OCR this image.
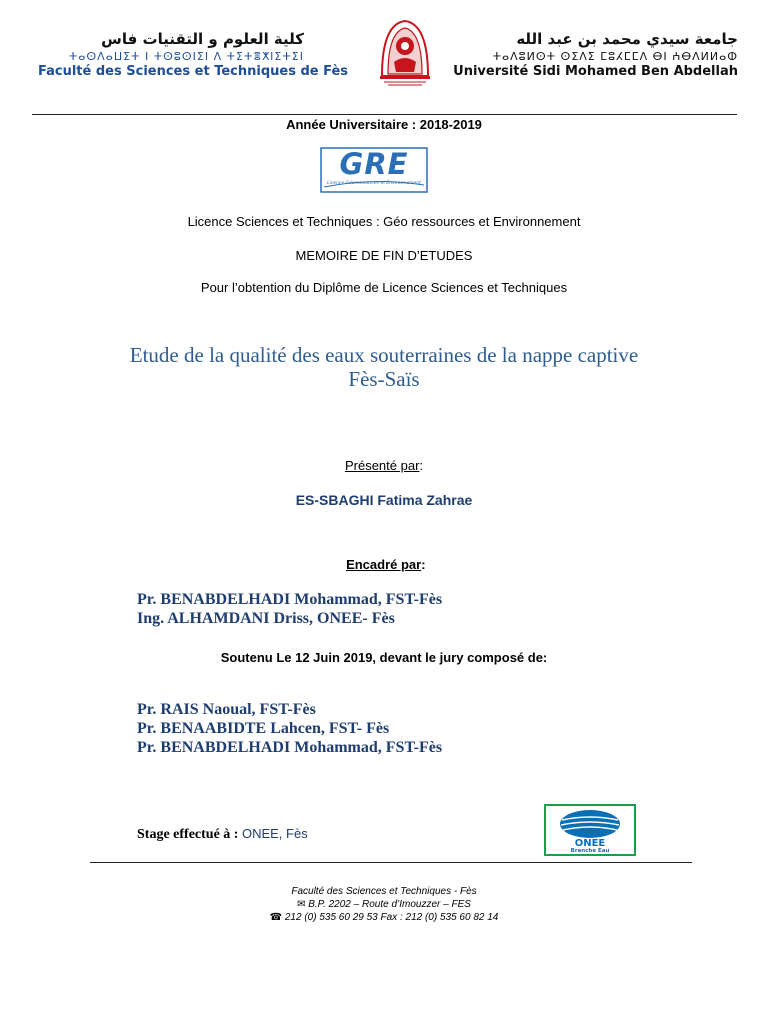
كلية العلوم و التقنيات فاس
ⵜⴰⵙⴷⴰⵡⵉⵜ ⵏ ⵜⵙⵓⵙⵏⵉⵏ ⴷ ⵜⵉⵜⴻⵅⵏⵉⵜⵉⵏ
Faculté des Sciences et Techniques de Fès
جامعة سيدي محمد بن عبد الله
ⵜⴰⴷⵓⵍⵙⵜ ⵙⵉⴷⵉ ⵎⵓⵃⵎⵎⴷ ⴱⵏ ⵄⴱⴷⵍⵍⴰⵀ
Université Sidi Mohamed Ben Abdellah
Année Universitaire : 2018-2019
GRE
Licence Géoressources et Environnement
Licence Sciences et Techniques : Géo ressources et Environnement
MEMOIRE DE FIN D’ETUDES
Pour l’obtention du Diplôme de Licence Sciences et Techniques
Etude de la qualité des eaux souterraines de la nappe captive
Fès-Saïs
Présenté par:
ES-SBAGHI Fatima Zahrae
Encadré par:
Pr. BENABDELHADI Mohammad, FST-Fès
Ing. ALHAMDANI Driss, ONEE- Fès
Soutenu Le 12 Juin 2019, devant le jury composé de:
Pr. RAIS Naoual, FST-Fès
Pr. BENAABIDTE Lahcen, FST- Fès
Pr. BENABDELHADI Mohammad, FST-Fès
Stage effectué à : ONEE, Fès
ONEE
Branche Eau
Faculté des Sciences et Techniques - Fès
✉ B.P. 2202 – Route d’Imouzzer – FES
☎ 212 (0) 535 60 29 53 Fax : 212 (0) 535 60 82 14
